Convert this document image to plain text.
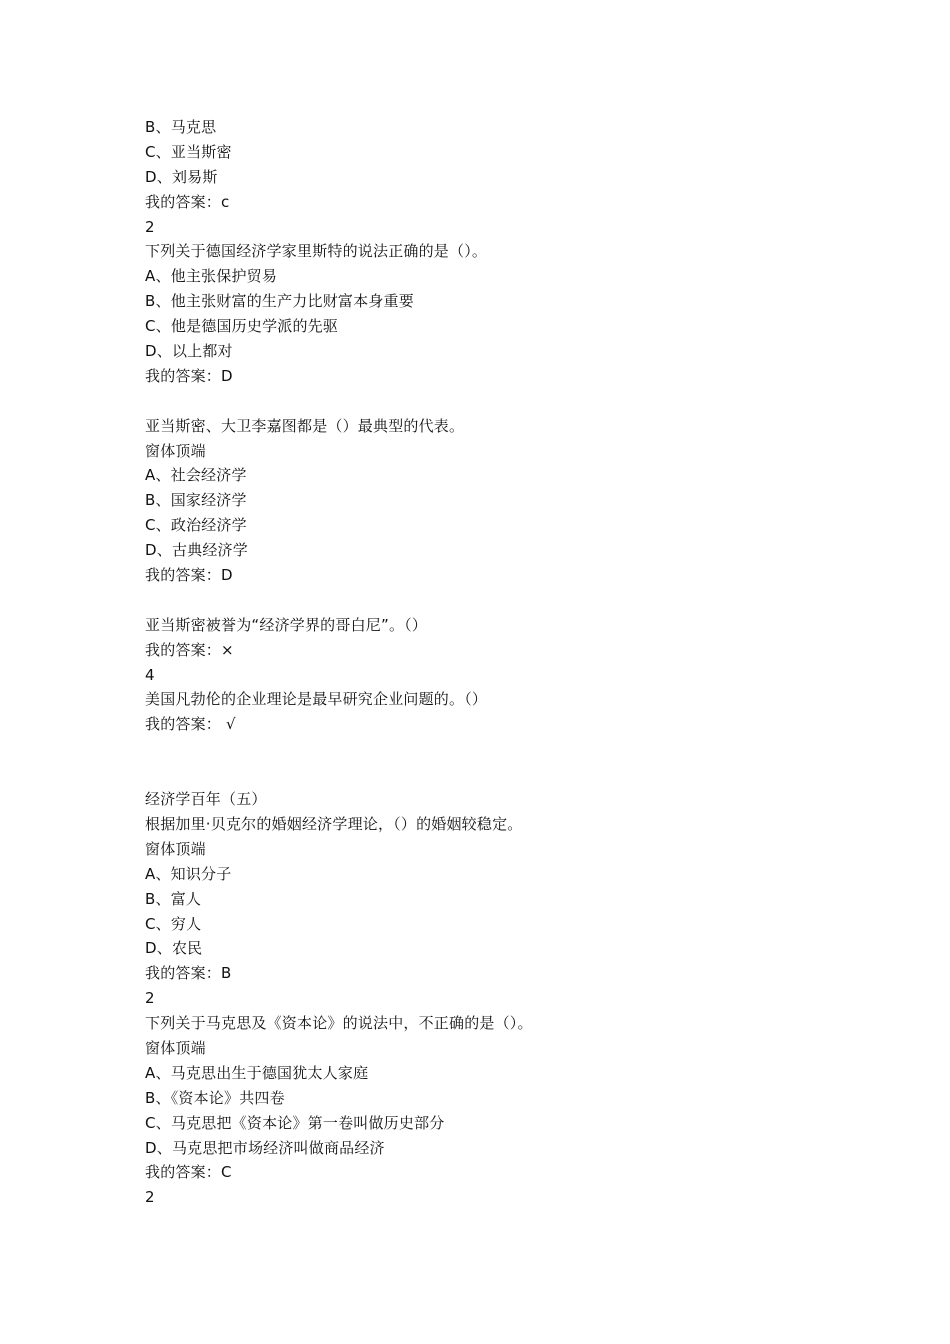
B、马克思
C、亚当斯密
D、刘易斯
我的答案：c
2
下列关于德国经济学家里斯特的说法正确的是（）。
A、他主张保护贸易
B、他主张财富的生产力比财富本身重要
C、他是德国历史学派的先驱
D、以上都对
我的答案：D
亚当斯密、大卫李嘉图都是（）最典型的代表。
窗体顶端
A、社会经济学
B、国家经济学
C、政治经济学
D、古典经济学
我的答案：D
亚当斯密被誉为“经济学界的哥白尼”。（）
我的答案：×
4
美国凡勃伦的企业理论是最早研究企业问题的。（）
我的答案： √
经济学百年（五）
根据加里·贝克尔的婚姻经济学理论，（）的婚姻较稳定。
窗体顶端
A、知识分子
B、富人
C、穷人
D、农民
我的答案：B
2
下列关于马克思及《资本论》的说法中，不正确的是（）。
窗体顶端
A、马克思出生于德国犹太人家庭
B、《资本论》共四卷
C、马克思把《资本论》第一卷叫做历史部分
D、马克思把市场经济叫做商品经济
我的答案：C
2
